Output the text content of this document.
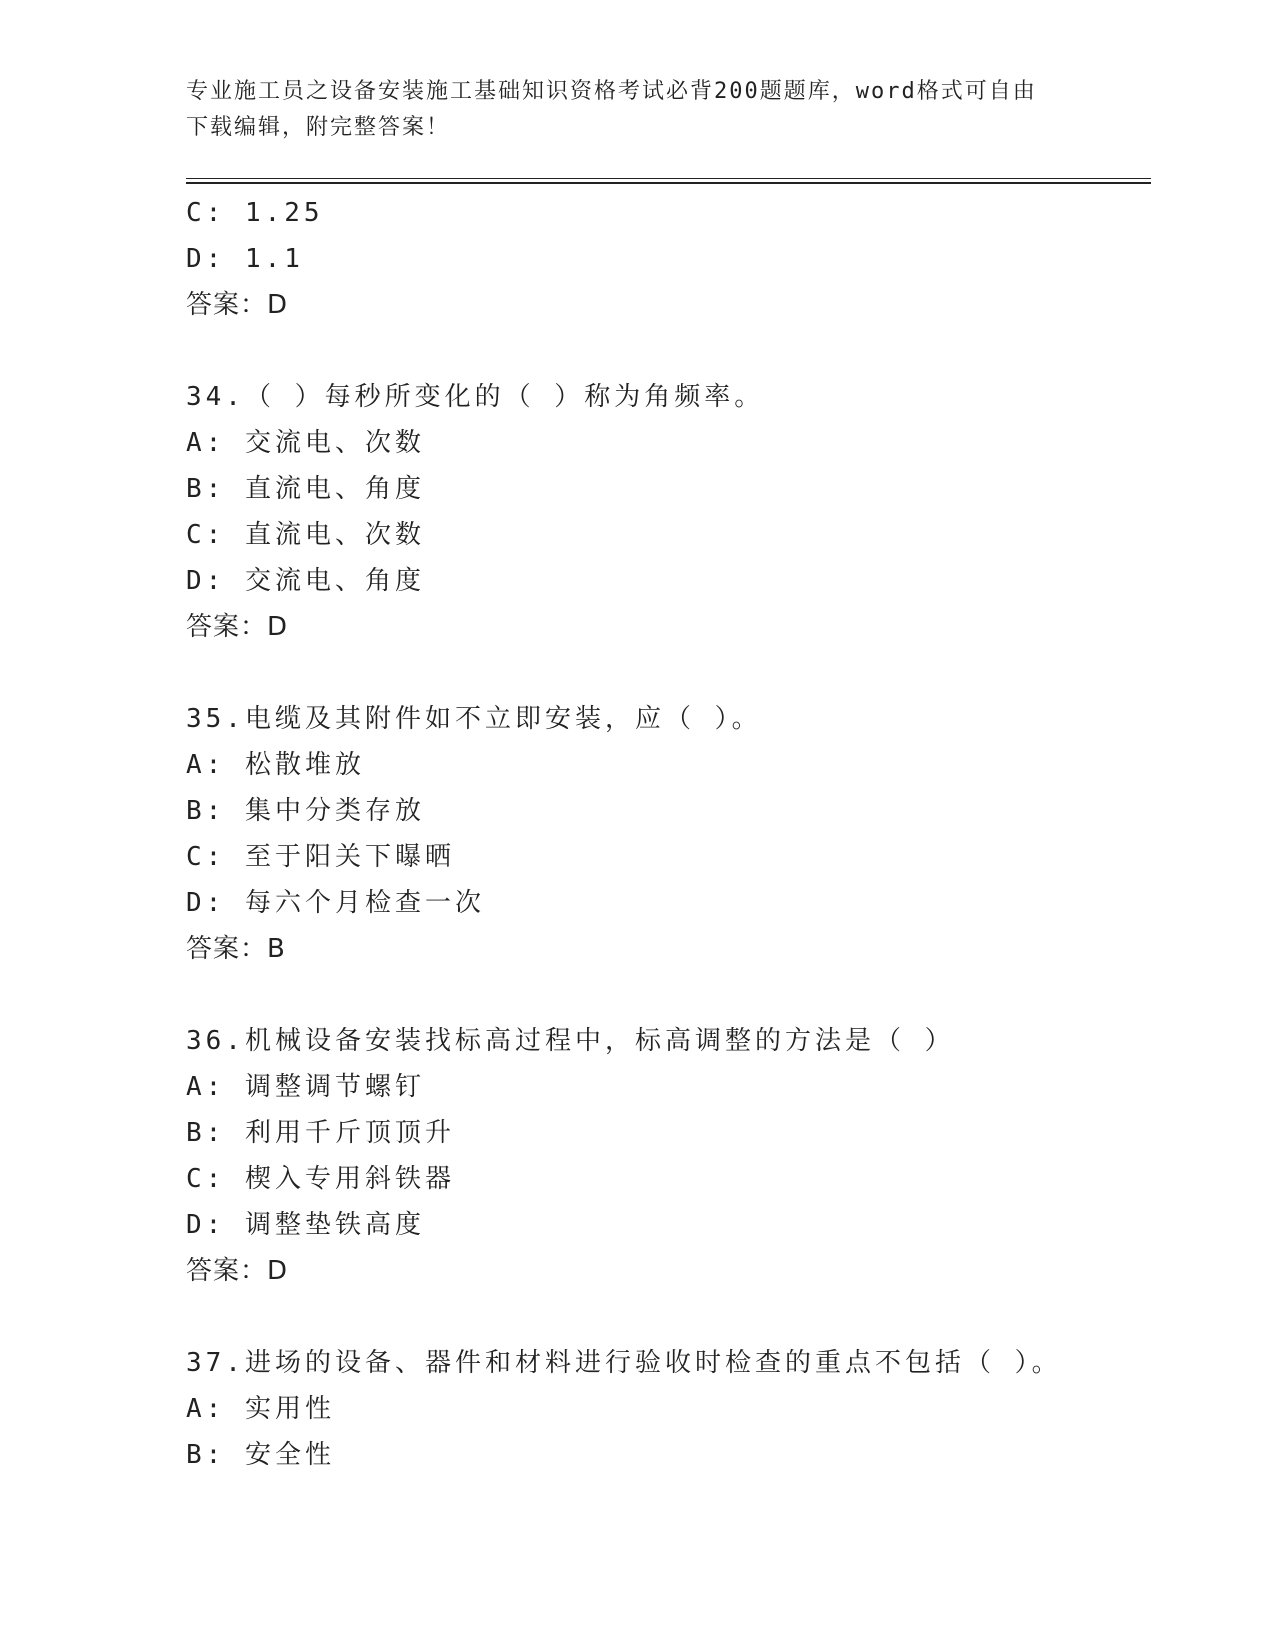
专业施工员之设备安装施工基础知识资格考试必背200题题库，word格式可自由
下载编辑，附完整答案！
C: 1.25
D: 1.1
答案：D
34.（ ）每秒所变化的（ ）称为角频率。
A: 交流电、次数
B: 直流电、角度
C: 直流电、次数
D: 交流电、角度
答案：D
35.电缆及其附件如不立即安装，应（ ）。
A: 松散堆放
B: 集中分类存放
C: 至于阳关下曝晒
D: 每六个月检查一次
答案：B
36.机械设备安装找标高过程中，标高调整的方法是（ ）
A: 调整调节螺钉
B: 利用千斤顶顶升
C: 楔入专用斜铁器
D: 调整垫铁高度
答案：D
37.进场的设备、器件和材料进行验收时检查的重点不包括（ ）。
A: 实用性
B: 安全性
